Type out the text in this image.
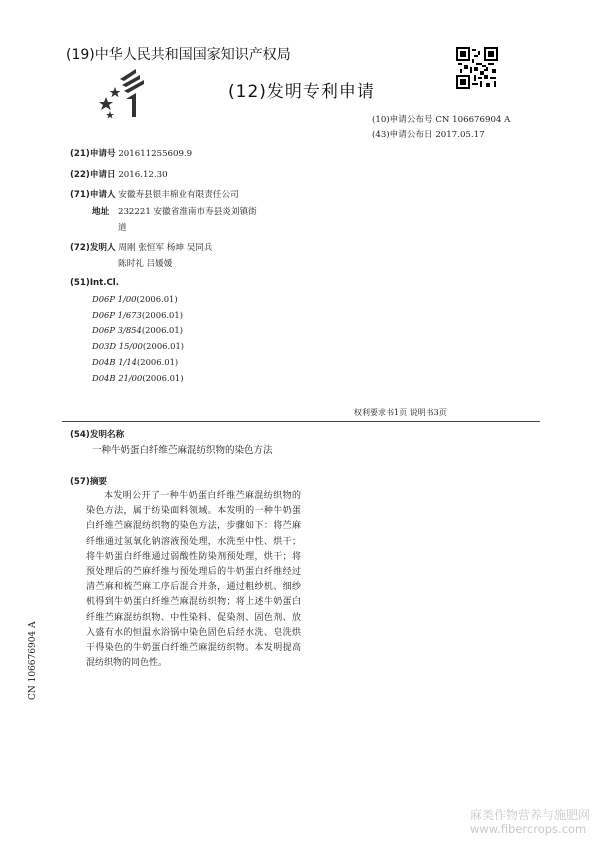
(19)中华人民共和国国家知识产权局
(12)发明专利申请
(10)申请公布号 CN 106676904 A
(43)申请公布日 2017.05.17
(21)申请号 201611255609.9
(22)申请日 2016.12.30
(71)申请人 安徽寿县银丰棉业有限责任公司
地址 232221 安徽省淮南市寿县炎刘镇街
道
(72)发明人 周刚 张恒军 杨坤 吴同兵
陈时礼 吕媛媛
(51)Int.Cl.
D06P 1/00(2006.01)
D06P 1/673(2006.01)
D06P 3/854(2006.01)
D03D 15/00(2006.01)
D04B 1/14(2006.01)
D04B 21/00(2006.01)
权利要求书1页 说明书3页
(54)发明名称
一种牛奶蛋白纤维苎麻混纺织物的染色方法
(57)摘要
本发明公开了一种牛奶蛋白纤维苎麻混纺织物的染色方法，属于纺染面料领域。本发明的一种牛奶蛋白纤维苎麻混纺织物的染色方法，步骤如下：将苎麻纤维通过氢氧化钠溶液预处理，水洗至中性、烘干；将牛奶蛋白纤维通过弱酸性防染剂预处理，烘干；将预处理后的苎麻纤维与预处理后的牛奶蛋白纤维经过清苎麻和梳苎麻工序后混合并条，通过粗纱机、细纱机得到牛奶蛋白纤维苎麻混纺织物；将上述牛奶蛋白纤维苎麻混纺织物、中性染料、促染剂、固色剂、放入盛有水的恒温水浴锅中染色固色后经水洗、皂洗烘干得染色的牛奶蛋白纤维苎麻混纺织物。本发明提高混纺织物的同色性。
CN 106676904 A
麻类作物营养与施肥网
www.fibercrops.com
